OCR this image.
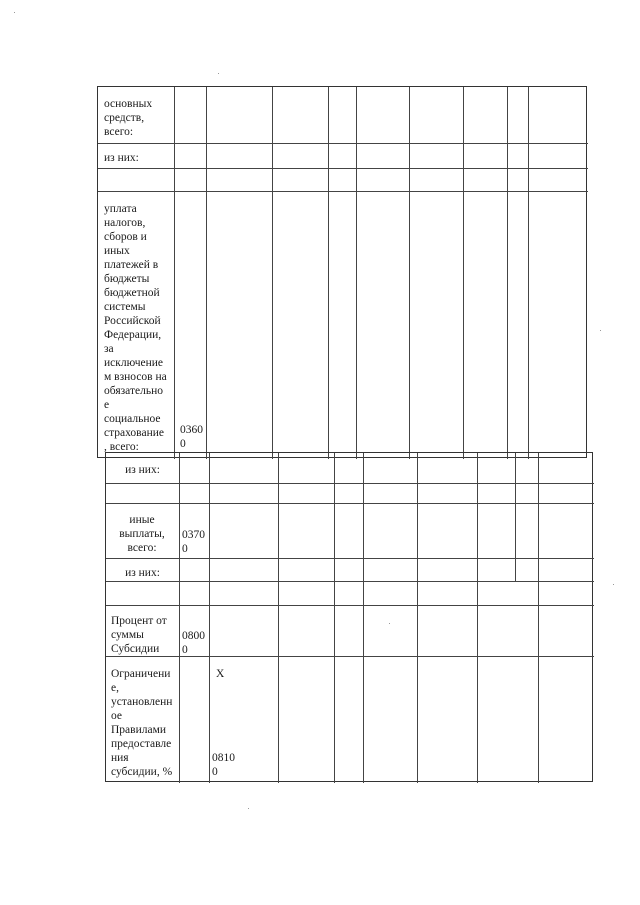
основных
средств,
всего:
из них:
уплата
налогов,
сборов и
иных
платежей в
бюджеты
бюджетной
системы
Российской
Федерации,
за
исключение
м взносов на
обязательно
е
социальное
страхование
, всего:
0360
0
из них:
иные
выплаты,
всего:
0370
0
из них:
Процент от
суммы
Субсидии
0800
0
Ограничени
е,
установленн
ое
Правилами
предоставле
ния
субсидии, %
0810
0
X
